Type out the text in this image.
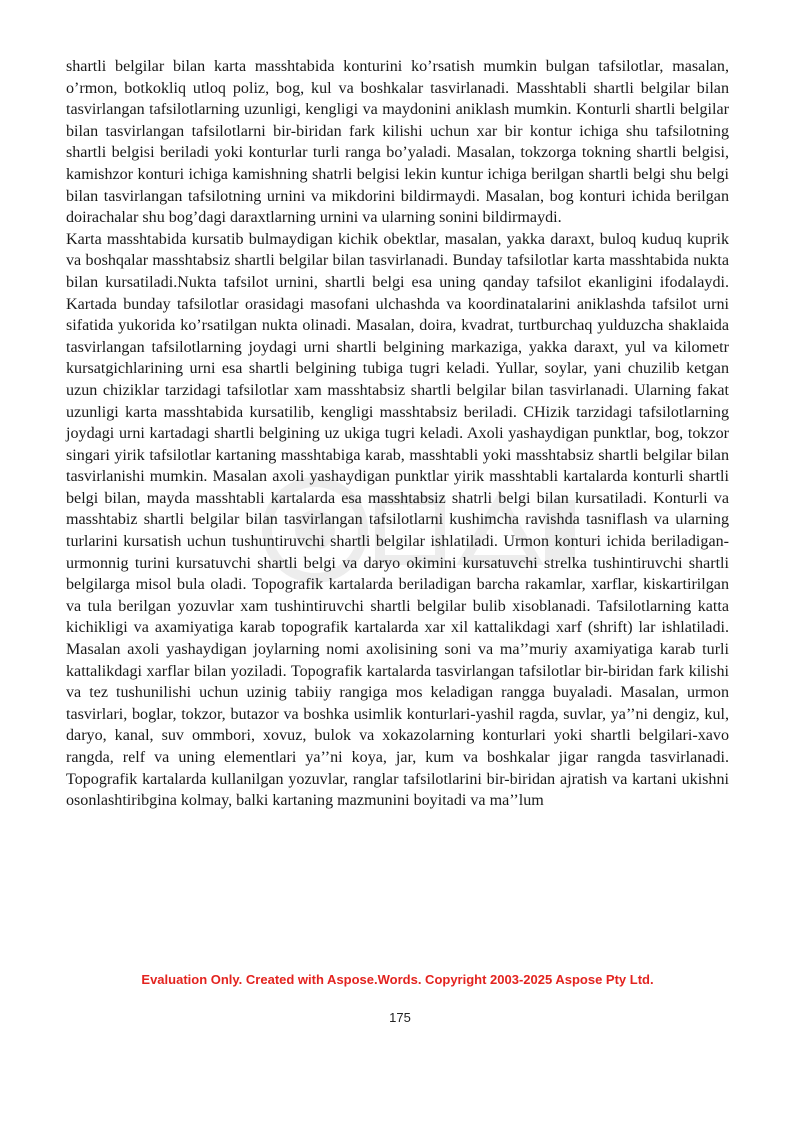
shartli belgilar bilan karta masshtabida konturini ko’rsatish mumkin bulgan tafsilotlar, masalan, o’rmon, botkokliq utloq poliz, bog, kul va boshkalar tasvirlanadi. Masshtabli shartli belgilar bilan tasvirlangan tafsilotlarning uzunligi, kengligi va maydonini aniklash mumkin. Konturli shartli belgilar bilan tasvirlangan tafsilotlarni bir-biridan fark kilishi uchun xar bir kontur ichiga shu tafsilotning shartli belgisi beriladi yoki konturlar turli ranga bo’yaladi. Masalan, tokzorga tokning shartli belgisi, kamishzor konturi ichiga kamishning shatrli belgisi lekin kuntur ichiga berilgan shartli belgi shu belgi bilan tasvirlangan tafsilotning urnini va mikdorini bildirmaydi. Masalan, bog konturi ichida berilgan doirachalar shu bog’dagi daraxtlarning urnini va ularning sonini bildirmaydi.

Karta masshtabida kursatib bulmaydigan kichik obektlar, masalan, yakka daraxt, buloq kuduq kuprik va boshqalar masshtabsiz shartli belgilar bilan tasvirlanadi. Bunday tafsilotlar karta masshtabida nukta bilan kursatiladi.Nukta tafsilot urnini, shartli belgi esa uning qanday tafsilot ekanligini ifodalaydi. Kartada bunday tafsilotlar orasidagi masofani ulchashda va koordinatalarini aniklashda tafsilot urni sifatida yukorida ko’rsatilgan nukta olinadi. Masalan, doira, kvadrat, turtburchaq yulduzcha shaklaida tasvirlangan tafsilotlarning joydagi urni shartli belgining markaziga, yakka daraxt, yul va kilometr kursatgichlarining urni esa shartli belgining tubiga tugri keladi. Yullar, soylar, yani chuzilib ketgan uzun chiziklar tarzidagi tafsilotlar xam masshtabsiz shartli belgilar bilan tasvirlanadi. Ularning fakat uzunligi karta masshtabida kursatilib, kengligi masshtabsiz beriladi. CHizik tarzidagi tafsilotlarning joydagi urni kartadagi shartli belgining uz ukiga tugri keladi. Axoli yashaydigan punktlar, bog, tokzor singari yirik tafsilotlar kartaning masshtabiga karab, masshtabli yoki masshtabsiz shartli belgilar bilan tasvirlanishi mumkin. Masalan axoli yashaydigan punktlar yirik masshtabli kartalarda konturli shartli belgi bilan, mayda masshtabli kartalarda esa masshtabsiz shatrli belgi bilan kursatiladi. Konturli va masshtabiz shartli belgilar bilan tasvirlangan tafsilotlarni kushimcha ravishda tasniflash va ularning turlarini kursatish uchun tushuntiruvchi shartli belgilar ishlatiladi. Urmon konturi ichida beriladigan-urmonnig turini kursatuvchi shartli belgi va daryo okimini kursatuvchi strelka tushintiruvchi shartli belgilarga misol bula oladi. Topografik kartalarda beriladigan barcha rakamlar, xarflar, kiskartirilgan va tula berilgan yozuvlar xam tushintiruvchi shartli belgilar bulib xisoblanadi. Tafsilotlarning katta kichikligi va axamiyatiga karab topografik kartalarda xar xil kattalikdagi xarf (shrift) lar ishlatiladi. Masalan axoli yashaydigan joylarning nomi axolisining soni va ma’’muriy axamiyatiga karab turli kattalikdagi xarflar bilan yoziladi. Topografik kartalarda tasvirlangan tafsilotlar bir-biridan fark kilishi va tez tushunilishi uchun uzinig tabiiy rangiga mos keladigan rangga buyaladi. Masalan, urmon tasvirlari, boglar, tokzor, butazor va boshka usimlik konturlari-yashil ragda, suvlar, ya’’ni dengiz, kul, daryo, kanal, suv ommbori, xovuz, bulok va xokazolarning konturlari yoki shartli belgilari-xavo rangda, relf va uning elementlari ya’’ni koya, jar, kum va boshkalar jigar rangda tasvirlanadi. Topografik kartalarda kullanilgan yozuvlar, ranglar tafsilotlarini bir-biridan ajratish va kartani ukishni osonlashtiribgina kolmay, balki kartaning mazmunini boyitadi va ma’’lum

Evaluation Only. Created with Aspose.Words. Copyright 2003-2025 Aspose Pty Ltd.
175
